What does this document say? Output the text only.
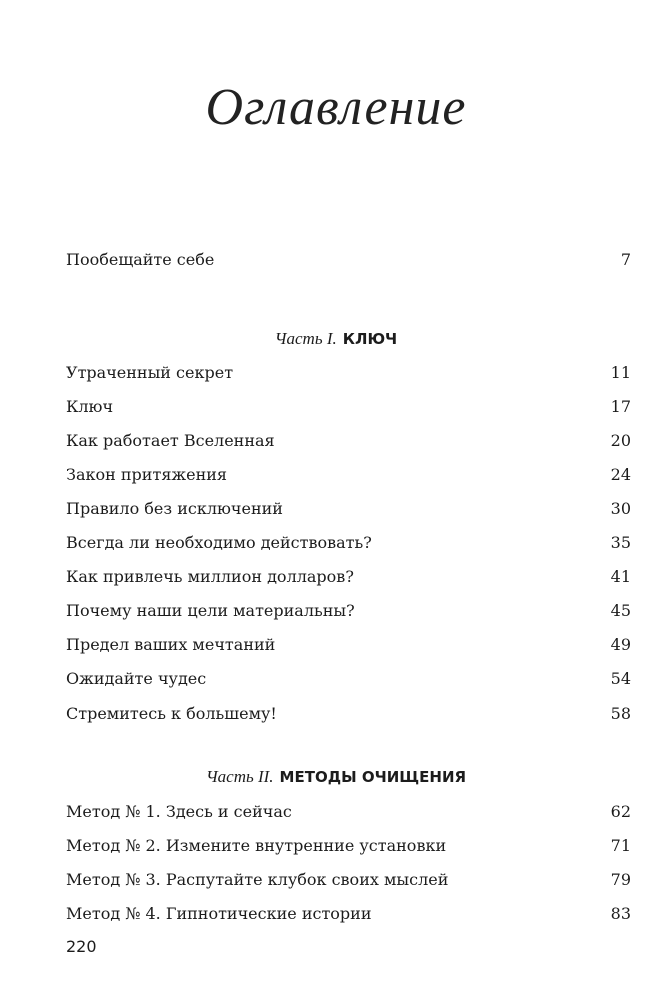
Оглавление
Пообещайте себе	7
Часть I. КЛЮЧ
Утраченный секрет	11
Ключ	17
Как работает Вселенная	20
Закон притяжения	24
Правило без исключений	30
Всегда ли необходимо действовать?	35
Как привлечь миллион долларов?	41
Почему наши цели материальны?	45
Предел ваших мечтаний	49
Ожидайте чудес	54
Стремитесь к большему!	58
Часть II. МЕТОДЫ ОЧИЩЕНИЯ
Метод № 1. Здесь и сейчас	62
Метод № 2. Измените внутренние установки	71
Метод № 3. Распутайте клубок своих мыслей	79
Метод № 4. Гипнотические истории	83
220
